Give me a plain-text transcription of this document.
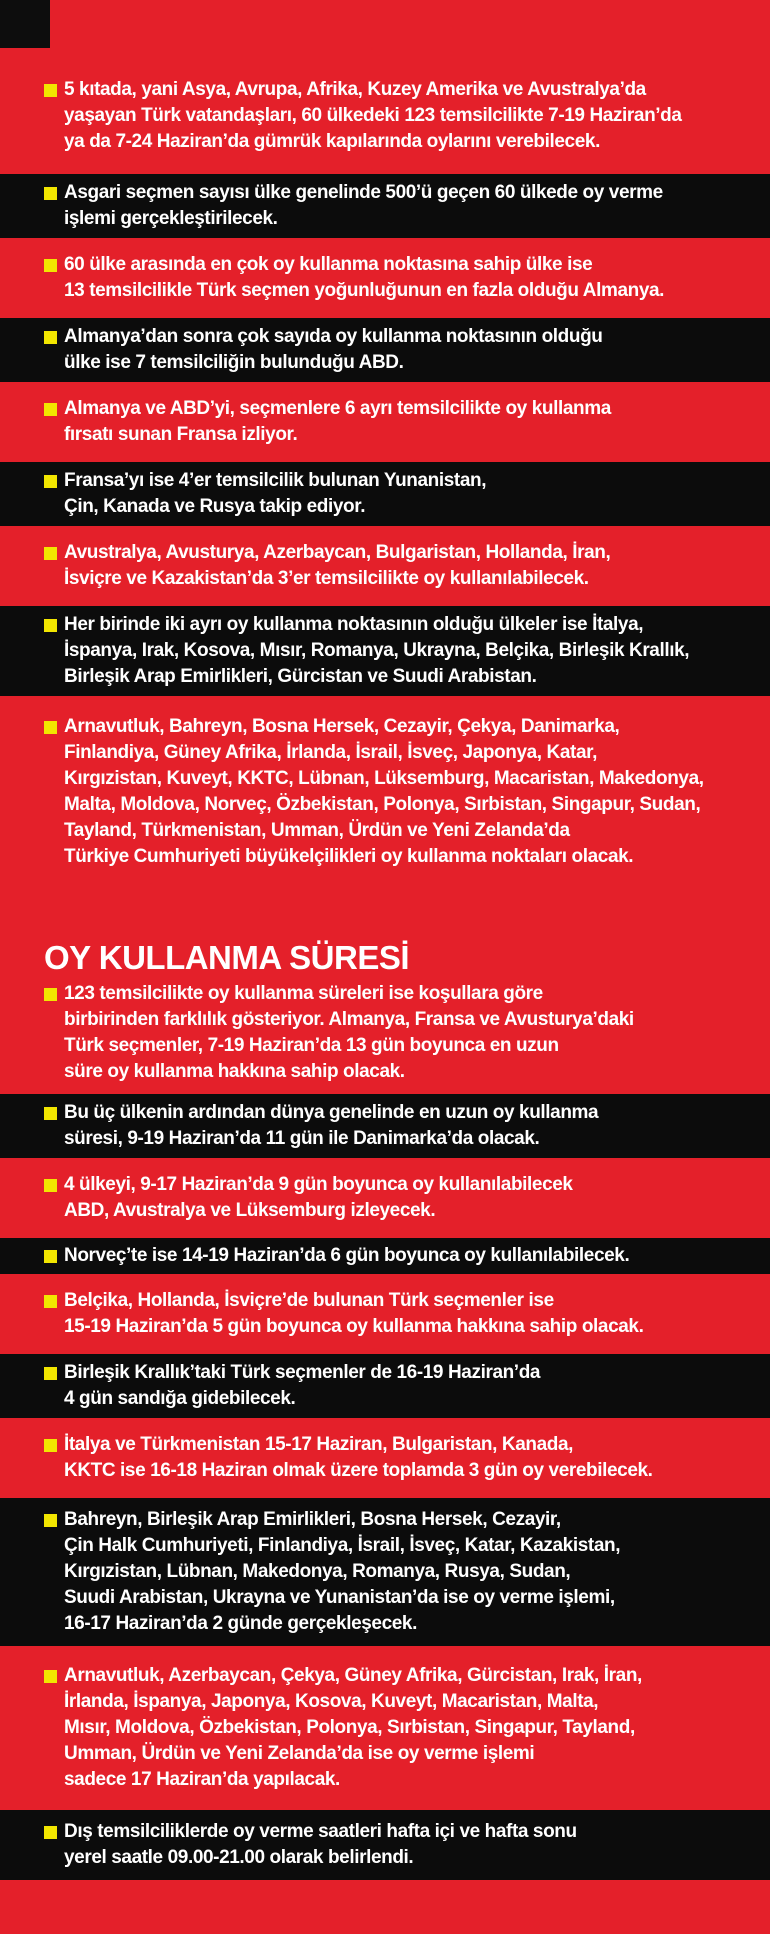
5 kıtada, yani Asya, Avrupa, Afrika, Kuzey Amerika ve Avustralya’da
yaşayan Türk vatandaşları, 60 ülkedeki 123 temsilcilikte 7-19 Haziran’da
ya da 7-24 Haziran’da gümrük kapılarında oylarını verebilecek.

Asgari seçmen sayısı ülke genelinde 500’ü geçen 60 ülkede oy verme
işlemi gerçekleştirilecek.

60 ülke arasında en çok oy kullanma noktasına sahip ülke ise
13 temsilcilikle Türk seçmen yoğunluğunun en fazla olduğu Almanya.

Almanya’dan sonra çok sayıda oy kullanma noktasının olduğu
ülke ise 7 temsilciliğin bulunduğu ABD.

Almanya ve ABD’yi, seçmenlere 6 ayrı temsilcilikte oy kullanma
fırsatı sunan Fransa izliyor.

Fransa’yı ise 4’er temsilcilik bulunan Yunanistan,
Çin, Kanada ve Rusya takip ediyor.

Avustralya, Avusturya, Azerbaycan, Bulgaristan, Hollanda, İran,
İsviçre ve Kazakistan’da 3’er temsilcilikte oy kullanılabilecek.

Her birinde iki ayrı oy kullanma noktasının olduğu ülkeler ise İtalya,
İspanya, Irak, Kosova, Mısır, Romanya, Ukrayna, Belçika, Birleşik Krallık,
Birleşik Arap Emirlikleri, Gürcistan ve Suudi Arabistan.

Arnavutluk, Bahreyn, Bosna Hersek, Cezayir, Çekya, Danimarka,
Finlandiya, Güney Afrika, İrlanda, İsrail, İsveç, Japonya, Katar,
Kırgızistan, Kuveyt, KKTC, Lübnan, Lüksemburg, Macaristan, Makedonya,
Malta, Moldova, Norveç, Özbekistan, Polonya, Sırbistan, Singapur, Sudan,
Tayland, Türkmenistan, Umman, Ürdün ve Yeni Zelanda’da
Türkiye Cumhuriyeti büyükelçilikleri oy kullanma noktaları olacak.

OY KULLANMA SÜRESİ

123 temsilcilikte oy kullanma süreleri ise koşullara göre
birbirinden farklılık gösteriyor. Almanya, Fransa ve Avusturya’daki
Türk seçmenler, 7-19 Haziran’da 13 gün boyunca en uzun
süre oy kullanma hakkına sahip olacak.

Bu üç ülkenin ardından dünya genelinde en uzun oy kullanma
süresi, 9-19 Haziran’da 11 gün ile Danimarka’da olacak.

4 ülkeyi, 9-17 Haziran’da 9 gün boyunca oy kullanılabilecek
ABD, Avustralya ve Lüksemburg izleyecek.

Norveç’te ise 14-19 Haziran’da 6 gün boyunca oy kullanılabilecek.

Belçika, Hollanda, İsviçre’de bulunan Türk seçmenler ise
15-19 Haziran’da 5 gün boyunca oy kullanma hakkına sahip olacak.

Birleşik Krallık’taki Türk seçmenler de 16-19 Haziran’da
4 gün sandığa gidebilecek.

İtalya ve Türkmenistan 15-17 Haziran, Bulgaristan, Kanada,
KKTC ise 16-18 Haziran olmak üzere toplamda 3 gün oy verebilecek.

Bahreyn, Birleşik Arap Emirlikleri, Bosna Hersek, Cezayir,
Çin Halk Cumhuriyeti, Finlandiya, İsrail, İsveç, Katar, Kazakistan,
Kırgızistan, Lübnan, Makedonya, Romanya, Rusya, Sudan,
Suudi Arabistan, Ukrayna ve Yunanistan’da ise oy verme işlemi,
16-17 Haziran’da 2 günde gerçekleşecek.

Arnavutluk, Azerbaycan, Çekya, Güney Afrika, Gürcistan, Irak, İran,
İrlanda, İspanya, Japonya, Kosova, Kuveyt, Macaristan, Malta,
Mısır, Moldova, Özbekistan, Polonya, Sırbistan, Singapur, Tayland,
Umman, Ürdün ve Yeni Zelanda’da ise oy verme işlemi
sadece 17 Haziran’da yapılacak.

Dış temsilciliklerde oy verme saatleri hafta içi ve hafta sonu
yerel saatle 09.00-21.00 olarak belirlendi.
